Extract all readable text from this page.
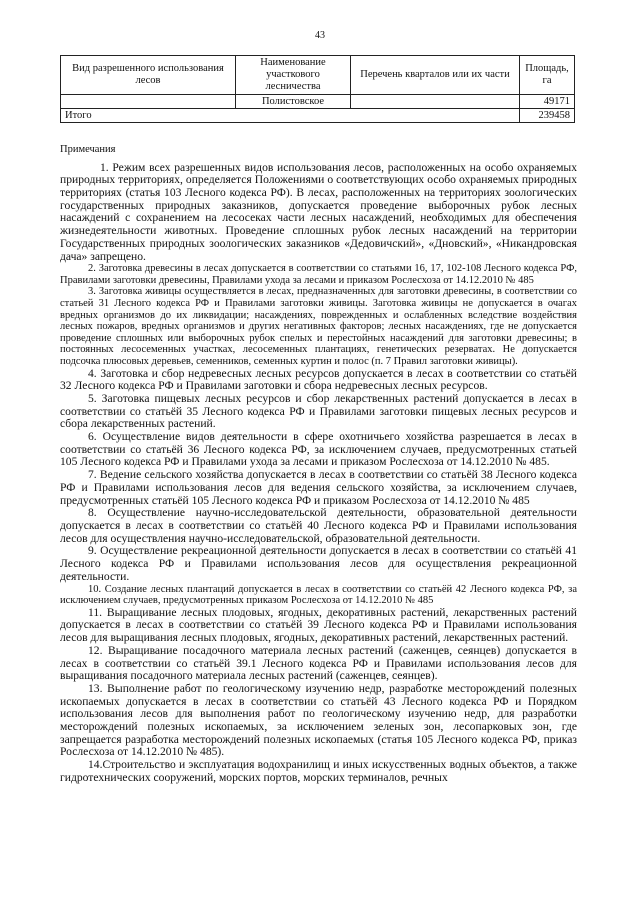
43
Вид разрешенного использования лесов	Наименование участкового лесничества	Перечень кварталов или их части	Площадь, га
	Полистовское		49171
Итого			239458
Примечания

1. Режим всех разрешенных видов использования лесов, расположенных на особо охраняемых природных территориях, определяется Положениями о соответствующих особо охраняемых природных территориях (статья 103 Лесного кодекса РФ). В лесах, расположенных на территориях зоологических государственных природных заказников, допускается проведение выборочных рубок лесных насаждений с сохранением на лесосеках части лесных насаждений, необходимых для обеспечения жизнедеятельности животных. Проведение сплошных рубок лесных насаждений на территории Государственных природных зоологических заказников «Дедовичский», «Дновский», «Никандровская дача» запрещено.

2. Заготовка древесины в лесах допускается в соответствии со статьями 16, 17, 102-108 Лесного кодекса РФ, Правилами заготовки древесины, Правилами ухода за лесами и приказом Рослесхоза от 14.12.2010 № 485

3. Заготовка живицы осуществляется в лесах, предназначенных для заготовки древесины, в соответствии со статьей 31 Лесного кодекса РФ и Правилами заготовки живицы. Заготовка живицы не допускается в очагах вредных организмов до их ликвидации; насаждениях, поврежденных и ослабленных вследствие воздействия лесных пожаров, вредных организмов и других негативных факторов; лесных насаждениях, где не допускается проведение сплошных или выборочных рубок спелых и перестойных насаждений для заготовки древесины; в постоянных лесосеменных участках, лесосеменных плантациях, генетических резерватах. Не допускается подсочка плюсовых деревьев, семенников, семенных куртин и полос (п. 7 Правил заготовки живицы).

4. Заготовка и сбор недревесных лесных ресурсов допускается в лесах в соответствии со статьёй 32 Лесного кодекса РФ и Правилами заготовки и сбора недревесных лесных ресурсов.

5. Заготовка пищевых лесных ресурсов и сбор лекарственных растений допускается в лесах в соответствии со статьёй 35 Лесного кодекса РФ и Правилами заготовки пищевых лесных ресурсов и сбора лекарственных растений.

6. Осуществление видов деятельности в сфере охотничьего хозяйства разрешается в лесах в соответствии со статьёй 36 Лесного кодекса РФ, за исключением случаев, предусмотренных статьей 105 Лесного кодекса РФ и Правилами ухода за лесами и приказом Рослесхоза от 14.12.2010 № 485.

7. Ведение сельского хозяйства допускается в лесах в соответствии со статьёй 38 Лесного кодекса РФ и Правилами использования лесов для ведения сельского хозяйства, за исключением случаев, предусмотренных статьёй 105 Лесного кодекса РФ и приказом Рослесхоза от 14.12.2010 № 485

8. Осуществление научно-исследовательской деятельности, образовательной деятельности допускается в лесах в соответствии со статьёй 40 Лесного кодекса РФ и Правилами использования лесов для осуществления научно-исследовательской, образовательной деятельности.

9. Осуществление рекреационной деятельности допускается в лесах в соответствии со статьёй 41 Лесного кодекса РФ и Правилами использования лесов для осуществления рекреационной деятельности.

10. Создание лесных плантаций допускается в лесах в соответствии со статьёй 42 Лесного кодекса РФ, за исключением случаев, предусмотренных приказом Рослесхоза от 14.12.2010 № 485

11. Выращивание лесных плодовых, ягодных, декоративных растений, лекарственных растений допускается в лесах в соответствии со статьёй 39 Лесного кодекса РФ и Правилами использования лесов для выращивания лесных плодовых, ягодных, декоративных растений, лекарственных растений.

12. Выращивание посадочного материала лесных растений (саженцев, сеянцев) допускается в лесах в соответствии со статьёй 39.1 Лесного кодекса РФ и Правилами использования лесов для выращивания посадочного материала лесных растений (саженцев, сеянцев).

13. Выполнение работ по геологическому изучению недр, разработке месторождений полезных ископаемых допускается в лесах в соответствии со статьёй 43 Лесного кодекса РФ и Порядком использования лесов для выполнения работ по геологическому изучению недр, для разработки месторождений полезных ископаемых, за исключением зеленых зон, лесопарковых зон, где запрещается разработка месторождений полезных ископаемых (статья 105 Лесного кодекса РФ, приказ Рослесхоза от 14.12.2010 № 485).

14.Строительство и эксплуатация водохранилищ и иных искусственных водных объектов, а также гидротехнических сооружений, морских портов, морских терминалов, речных
